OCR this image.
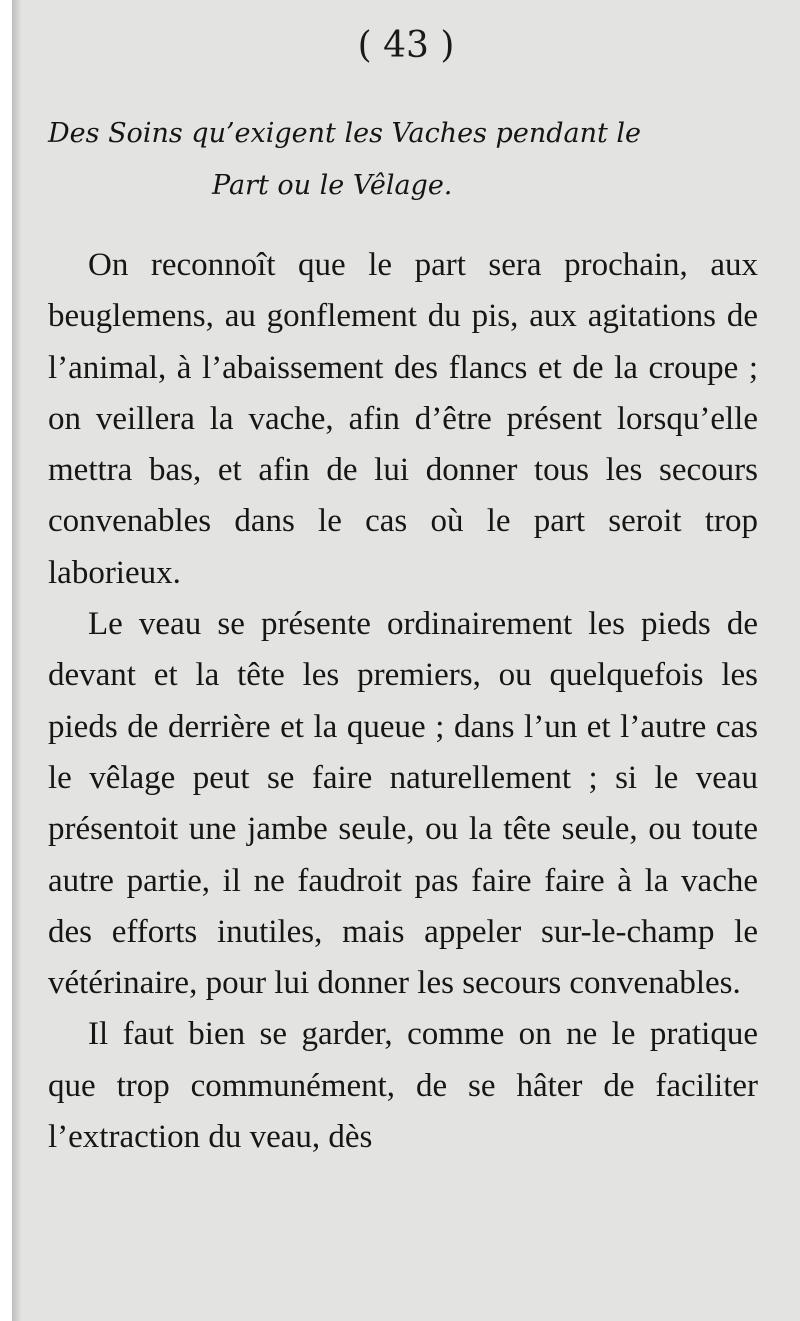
( 43 )
Des Soins qu’exigent les Vaches pendant le
Part ou le Vêlage.

On reconnoît que le part sera prochain, aux beuglemens, au gonflement du pis, aux agitations de l’animal, à l’abaissement des flancs et de la croupe ; on veillera la vache, afin d’être présent lorsqu’elle mettra bas, et afin de lui donner tous les secours convenables dans le cas où le part seroit trop laborieux.

Le veau se présente ordinairement les pieds de devant et la tête les premiers, ou quelquefois les pieds de derrière et la queue ; dans l’un et l’autre cas le vêlage peut se faire naturellement ; si le veau présentoit une jambe seule, ou la tête seule, ou toute autre partie, il ne faudroit pas faire faire à la vache des efforts inutiles, mais appeler sur-le-champ le vétérinaire, pour lui donner les secours convenables.

Il faut bien se garder, comme on ne le pratique que trop communément, de se hâter de faciliter l’extraction du veau, dès
